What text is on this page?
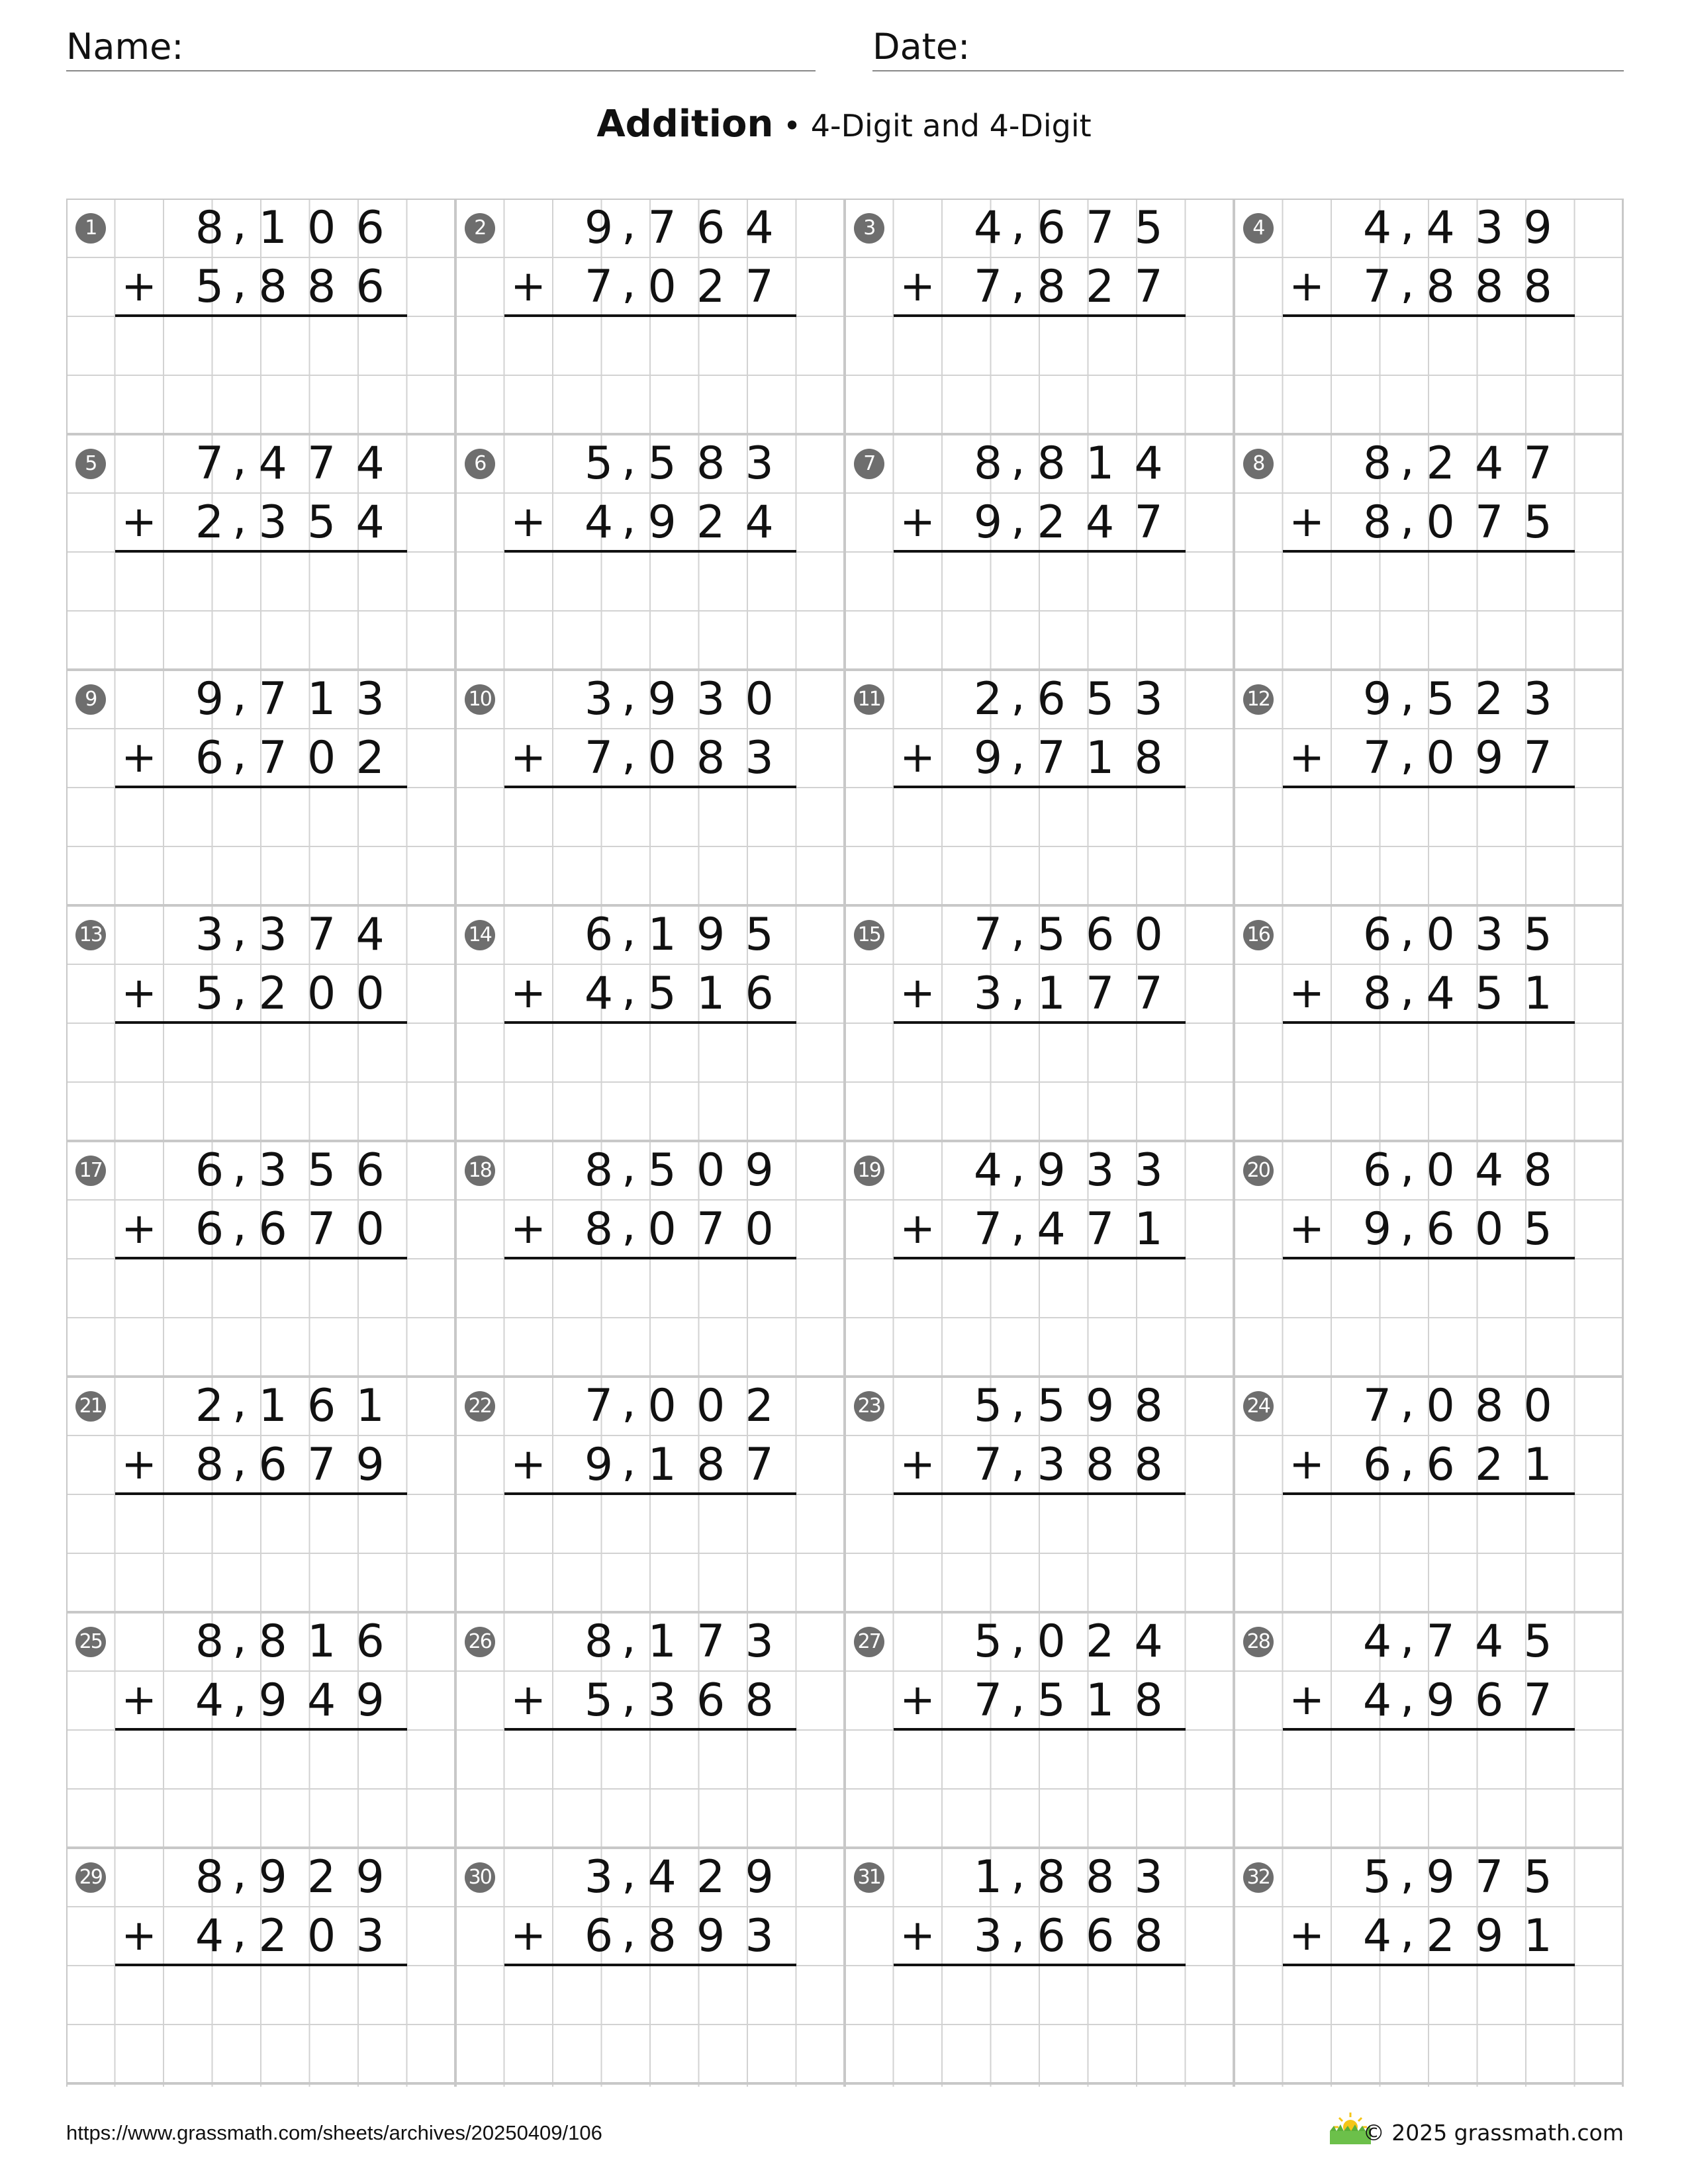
Name:	Date:
Addition • 4-Digit and 4-Digit
1 8 1 0 6
,
5 8 8 6
,
+
2 9 7 6 4
,
7 0 2 7
,
+
3 4 6 7 5
,
7 8 2 7
,
+
4 4 4 3 9
,
7 8 8 8
,
+
5 7 4 7 4
,
2 3 5 4
,
+
6 5 5 8 3
,
4 9 2 4
,
+
7 8 8 1 4
,
9 2 4 7
,
+
8 8 2 4 7
,
8 0 7 5
,
+
9 9 7 1 3
,
6 7 0 2
,
+
10 3 9 3 0
,
7 0 8 3
,
+
11 2 6 5 3
,
9 7 1 8
,
+
12 9 5 2 3
,
7 0 9 7
,
+
13 3 3 7 4
,
5 2 0 0
,
+
14 6 1 9 5
,
4 5 1 6
,
+
15 7 5 6 0
,
3 1 7 7
,
+
16 6 0 3 5
,
8 4 5 1
,
+
17 6 3 5 6
,
6 6 7 0
,
+
18 8 5 0 9
,
8 0 7 0
,
+
19 4 9 3 3
,
7 4 7 1
,
+
20 6 0 4 8
,
9 6 0 5
,
+
21 2 1 6 1
,
8 6 7 9
,
+
22 7 0 0 2
,
9 1 8 7
,
+
23 5 5 9 8
,
7 3 8 8
,
+
24 7 0 8 0
,
6 6 2 1
,
+
25 8 8 1 6
,
4 9 4 9
,
+
26 8 1 7 3
,
5 3 6 8
,
+
27 5 0 2 4
,
7 5 1 8
,
+
28 4 7 4 5
,
4 9 6 7
,
+
29 8 9 2 9
,
4 2 0 3
,
+
30 3 4 2 9
,
6 8 9 3
,
+
31 1 8 8 3
,
3 6 6 8
,
+
32 5 9 7 5
,
4 2 9 1
,
+
https://www.grassmath.com/sheets/archives/20250409/106	© 2025 grassmath.com
